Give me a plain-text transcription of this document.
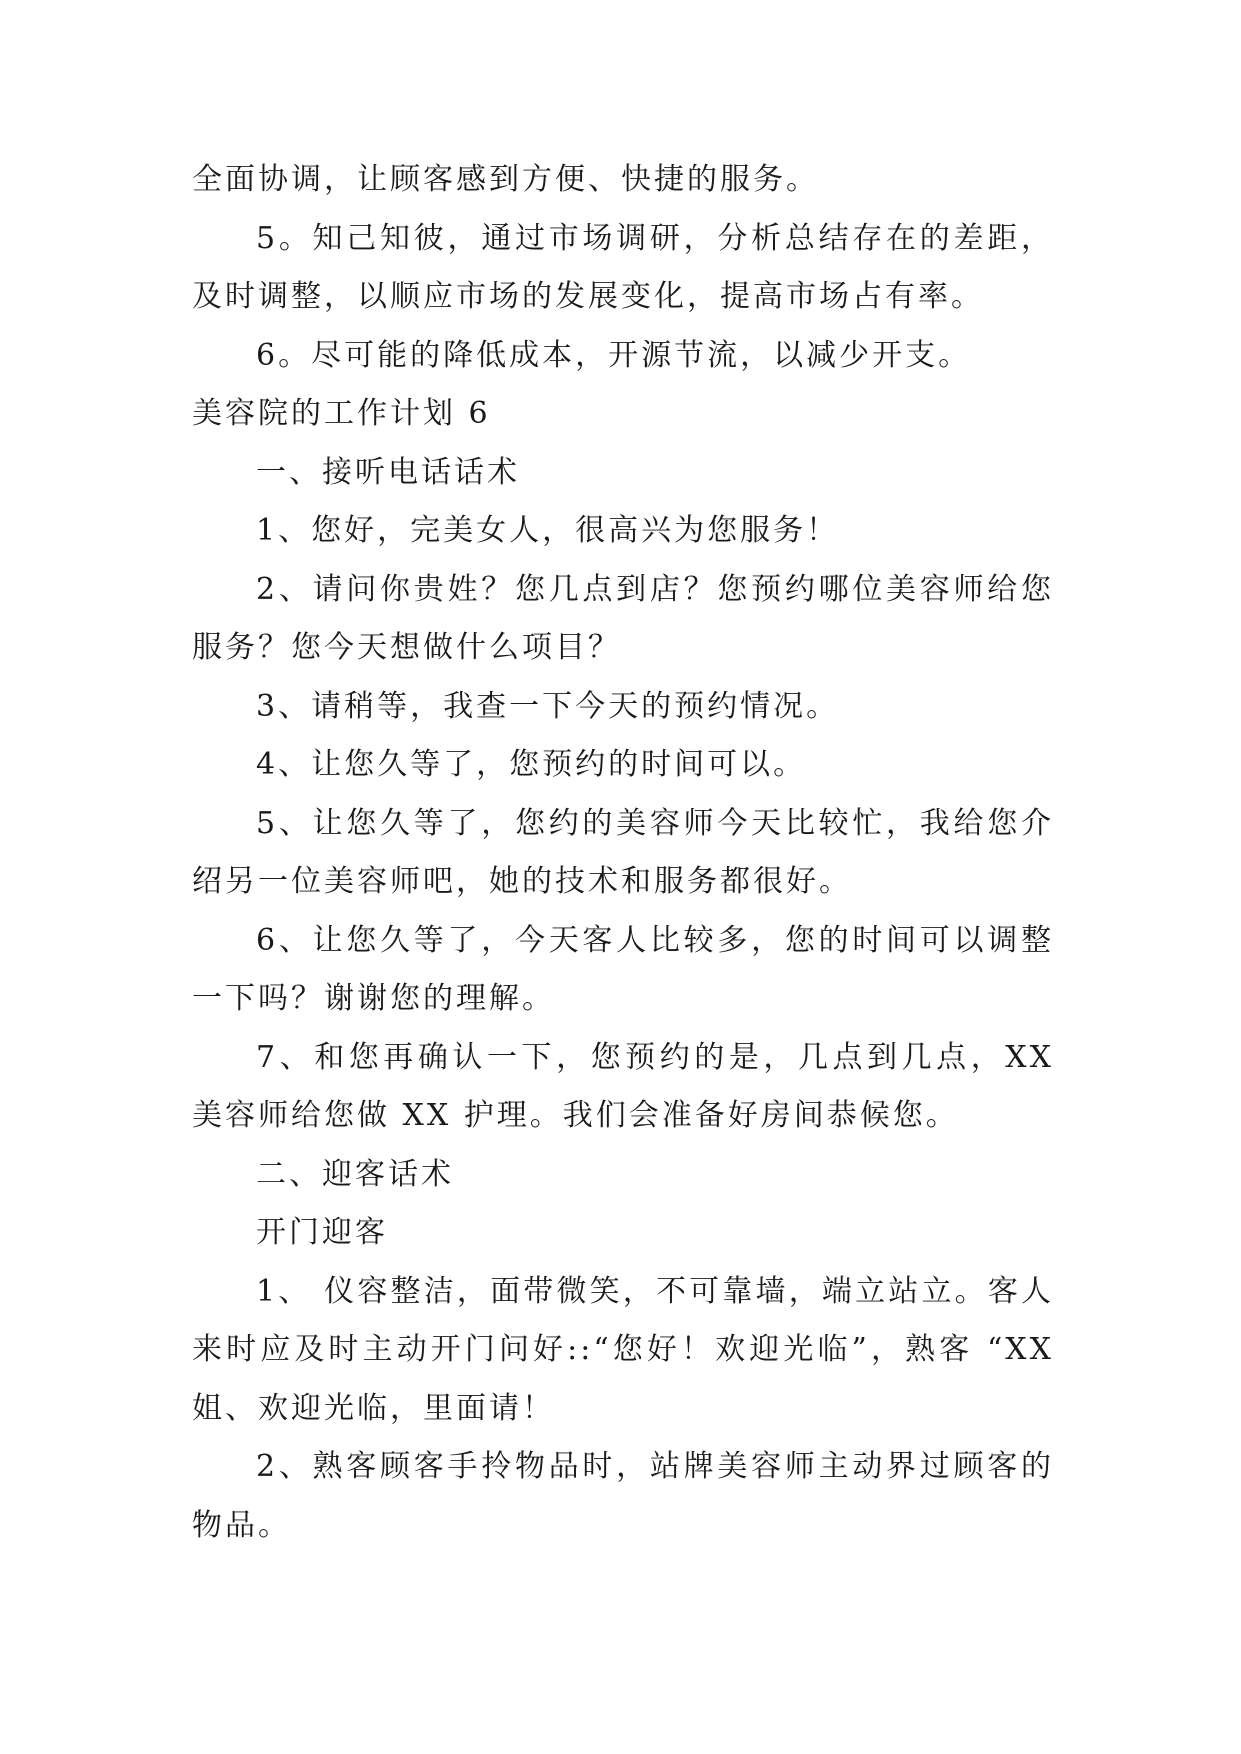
全面协调，让顾客感到方便、快捷的服务。

5。知己知彼，通过市场调研，分析总结存在的差距，及时调整，以顺应市场的发展变化，提高市场占有率。

6。尽可能的降低成本，开源节流，以减少开支。

美容院的工作计划 6

一、接听电话话术

1、您好，完美女人，很高兴为您服务！

2、请问你贵姓？您几点到店？您预约哪位美容师给您服务？您今天想做什么项目？

3、请稍等，我查一下今天的预约情况。

4、让您久等了，您预约的时间可以。

5、让您久等了，您约的美容师今天比较忙，我给您介绍另一位美容师吧，她的技术和服务都很好。

6、让您久等了，今天客人比较多，您的时间可以调整一下吗？谢谢您的理解。

7、和您再确认一下，您预约的是，几点到几点，XX 美容师给您做 XX 护理。我们会准备好房间恭候您。

二、迎客话术

开门迎客

1、 仪容整洁，面带微笑，不可靠墙，端立站立。客人来时应及时主动开门问好::“您好！欢迎光临”，熟客 “XX 姐、欢迎光临，里面请！

2、熟客顾客手拎物品时，站牌美容师主动界过顾客的物品。
